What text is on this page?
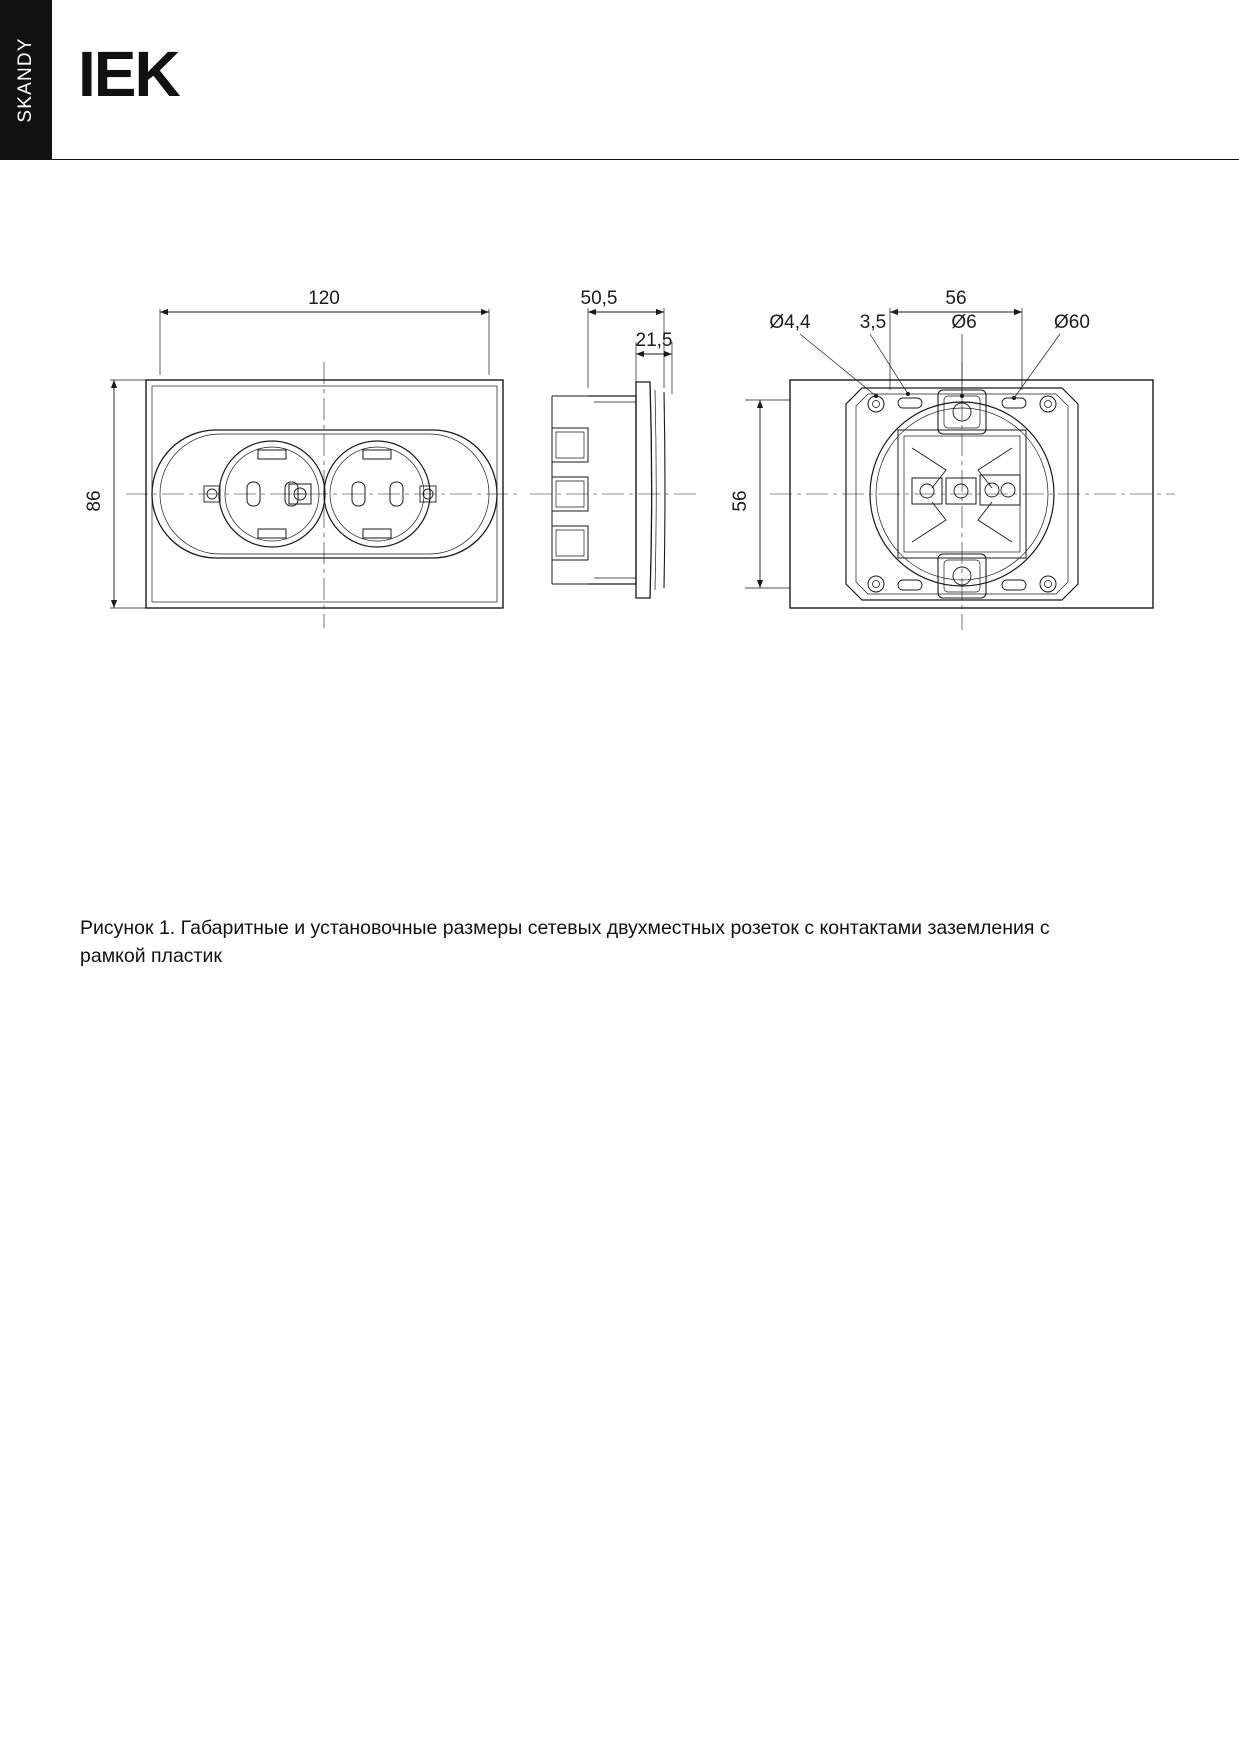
SKANDY IEK
120	50,5
21,5
56
Ø4,4	3,5	Ø6	Ø60
86	56
Рисунок 1. Габаритные и установочные размеры сетевых двухместных розеток с контактами заземления с рамкой пластик
